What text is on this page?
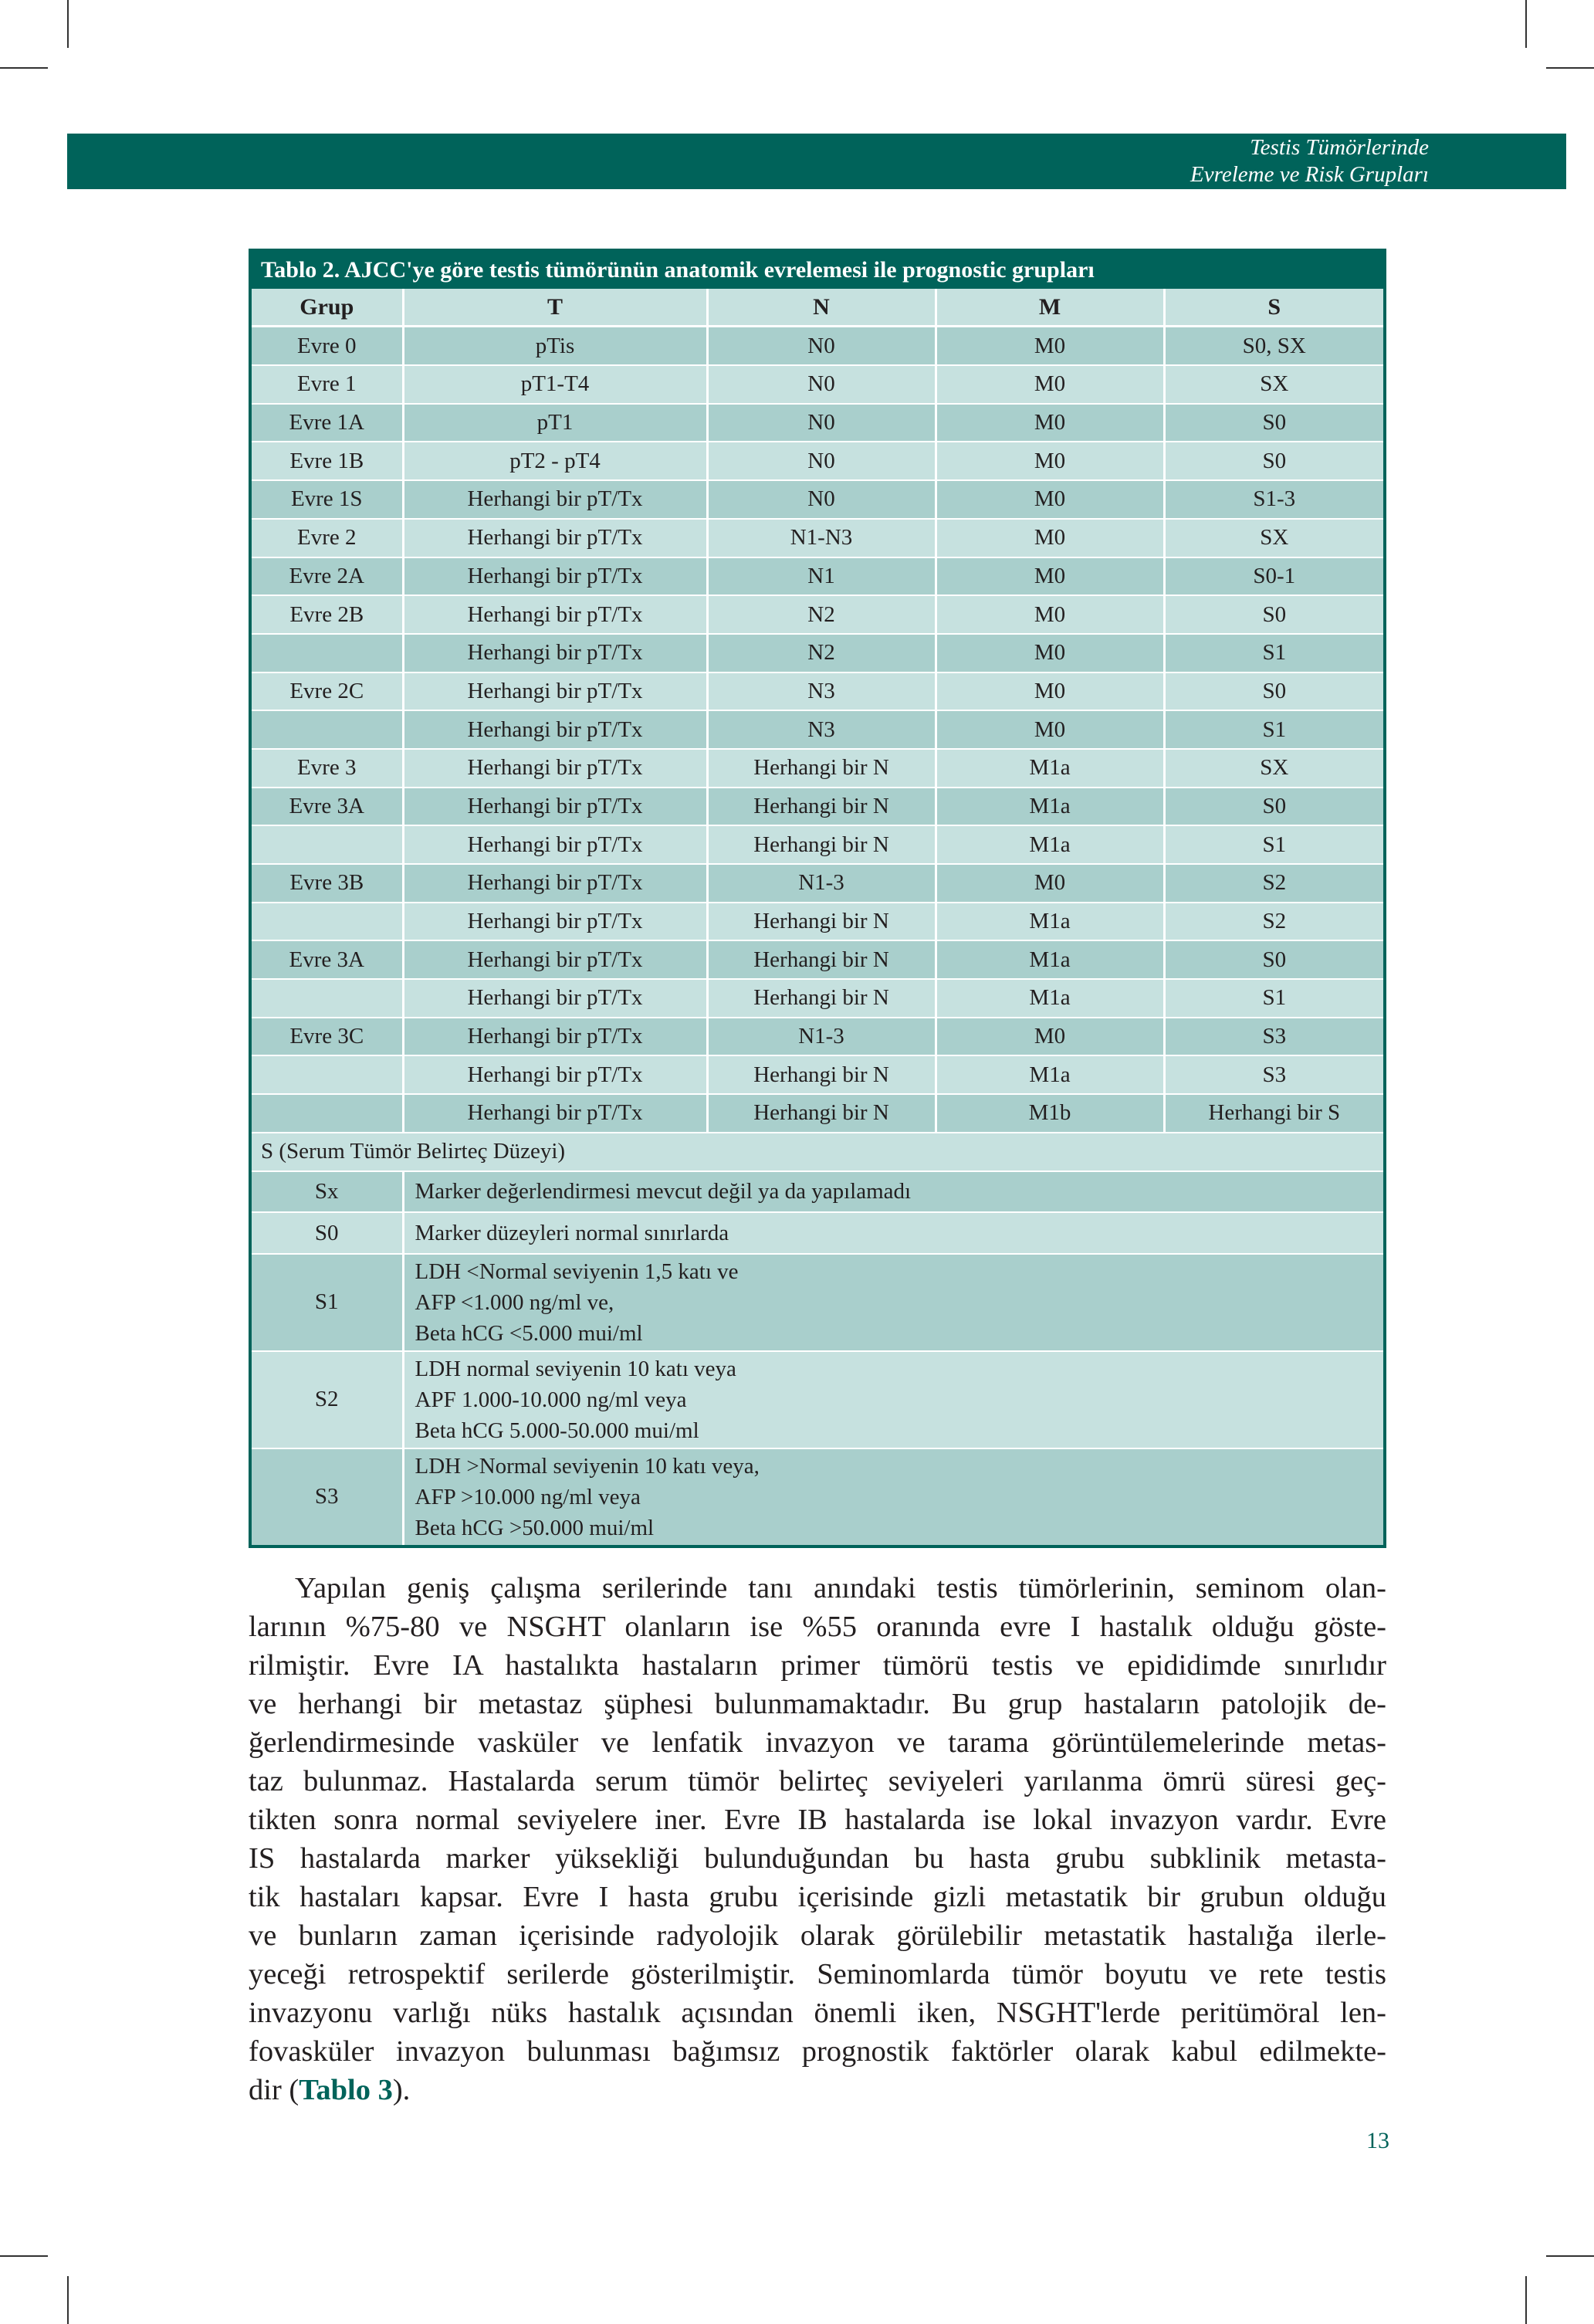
Testis Tümörlerinde
Evreleme ve Risk Grupları
Tablo 2. AJCC'ye göre testis tümörünün anatomik evrelemesi ile prognostic grupları				
Grup	T	N	M	S
Evre 0	pTis	N0	M0	S0, SX
Evre 1	pT1-T4	N0	M0	SX
Evre 1A	pT1	N0	M0	S0
Evre 1B	pT2 - pT4	N0	M0	S0
Evre 1S	Herhangi bir pT/Tx	N0	M0	S1-3
Evre 2	Herhangi bir pT/Tx	N1-N3	M0	SX
Evre 2A	Herhangi bir pT/Tx	N1	M0	S0-1
Evre 2B	Herhangi bir pT/Tx	N2	M0	S0
	Herhangi bir pT/Tx	N2	M0	S1
Evre 2C	Herhangi bir pT/Tx	N3	M0	S0
	Herhangi bir pT/Tx	N3	M0	S1
Evre 3	Herhangi bir pT/Tx	Herhangi bir N	M1a	SX
Evre 3A	Herhangi bir pT/Tx	Herhangi bir N	M1a	S0
	Herhangi bir pT/Tx	Herhangi bir N	M1a	S1
Evre 3B	Herhangi bir pT/Tx	N1-3	M0	S2
	Herhangi bir pT/Tx	Herhangi bir N	M1a	S2
Evre 3A	Herhangi bir pT/Tx	Herhangi bir N	M1a	S0
	Herhangi bir pT/Tx	Herhangi bir N	M1a	S1
Evre 3C	Herhangi bir pT/Tx	N1-3	M0	S3
	Herhangi bir pT/Tx	Herhangi bir N	M1a	S3
	Herhangi bir pT/Tx	Herhangi bir N	M1b	Herhangi bir S
S (Serum Tümör Belirteç Düzeyi)				
Sx	Marker değerlendirmesi mevcut değil ya da yapılamadı			

S0	Marker düzeyleri normal sınırlarda			

S1	LDH <Normal seviyenin 1,5 katı ve
AFP <1.000 ng/ml ve,
Beta hCG <5.000 mui/ml			

S2	LDH normal seviyenin 10 katı veya
APF 1.000-10.000 ng/ml veya
Beta hCG 5.000-50.000 mui/ml			

S3	LDH >Normal seviyenin 10 katı veya,
AFP >10.000 ng/ml veya
Beta hCG >50.000 mui/ml			
Yapılan geniş çalışma serilerinde tanı anındaki testis tümörlerinin, seminom olan-
larının %75-80 ve NSGHT olanların ise %55 oranında evre I hastalık olduğu göste-
rilmiştir. Evre IA hastalıkta hastaların primer tümörü testis ve epididimde sınırlıdır
ve herhangi bir metastaz şüphesi bulunmamaktadır. Bu grup hastaların patolojik de-
ğerlendirmesinde vasküler ve lenfatik invazyon ve tarama görüntülemelerinde metas-
taz bulunmaz. Hastalarda serum tümör belirteç seviyeleri yarılanma ömrü süresi geç-
tikten sonra normal seviyelere iner. Evre IB hastalarda ise lokal invazyon vardır. Evre
IS hastalarda marker yüksekliği bulunduğundan bu hasta grubu subklinik metasta-
tik hastaları kapsar. Evre I hasta grubu içerisinde gizli metastatik bir grubun olduğu
ve bunların zaman içerisinde radyolojik olarak görülebilir metastatik hastalığa ilerle-
yeceği retrospektif serilerde gösterilmiştir. Seminomlarda tümör boyutu ve rete testis
invazyonu varlığı nüks hastalık açısından önemli iken, NSGHT'lerde peritümöral len-
fovasküler invazyon bulunması bağımsız prognostik faktörler olarak kabul edilmekte-
dir (Tablo 3).
13
